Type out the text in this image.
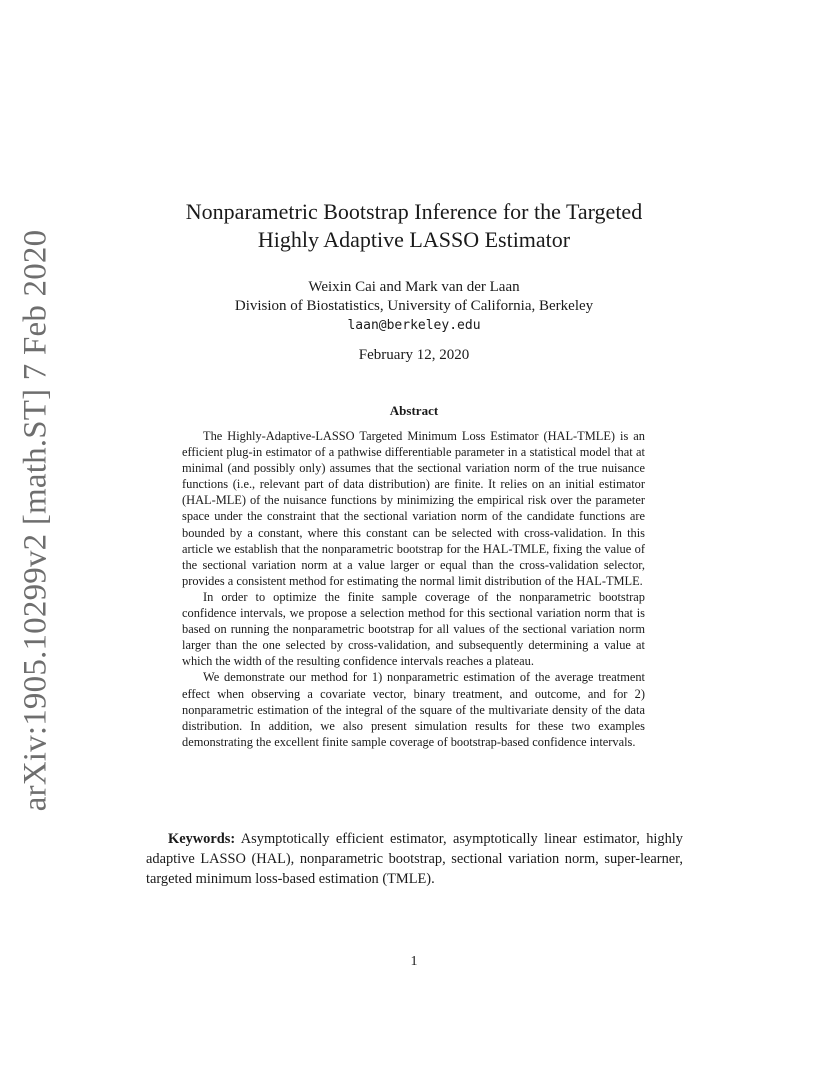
arXiv:1905.10299v2 [math.ST] 7 Feb 2020
Nonparametric Bootstrap Inference for the Targeted
Highly Adaptive LASSO Estimator
Weixin Cai and Mark van der Laan
Division of Biostatistics, University of California, Berkeley
laan@berkeley.edu
February 12, 2020
Abstract

The Highly-Adaptive-LASSO Targeted Minimum Loss Estimator (HAL-TMLE) is an efficient plug-in estimator of a pathwise differentiable parameter in a statistical model that at minimal (and possibly only) assumes that the sectional variation norm of the true nuisance functions (i.e., relevant part of data distribution) are finite. It relies on an initial estimator (HAL-MLE) of the nuisance functions by minimizing the empirical risk over the parameter space under the constraint that the sectional variation norm of the candidate functions are bounded by a constant, where this constant can be selected with cross-validation. In this article we establish that the nonparametric bootstrap for the HAL-TMLE, fixing the value of the sectional variation norm at a value larger or equal than the cross-validation selector, provides a consistent method for estimating the normal limit distribution of the HAL-TMLE.

In order to optimize the finite sample coverage of the nonparametric bootstrap confidence intervals, we propose a selection method for this sectional variation norm that is based on running the nonparametric bootstrap for all values of the sectional variation norm larger than the one selected by cross-validation, and subsequently determining a value at which the width of the resulting confidence intervals reaches a plateau.

We demonstrate our method for 1) nonparametric estimation of the average treatment effect when observing a covariate vector, binary treatment, and outcome, and for 2) nonparametric estimation of the integral of the square of the multivariate density of the data distribution. In addition, we also present simulation results for these two examples demonstrating the excellent finite sample coverage of bootstrap-based confidence intervals.

Keywords: Asymptotically efficient estimator, asymptotically linear estimator, highly adaptive LASSO (HAL), nonparametric bootstrap, sectional variation norm, super-learner, targeted minimum loss-based estimation (TMLE).
1
